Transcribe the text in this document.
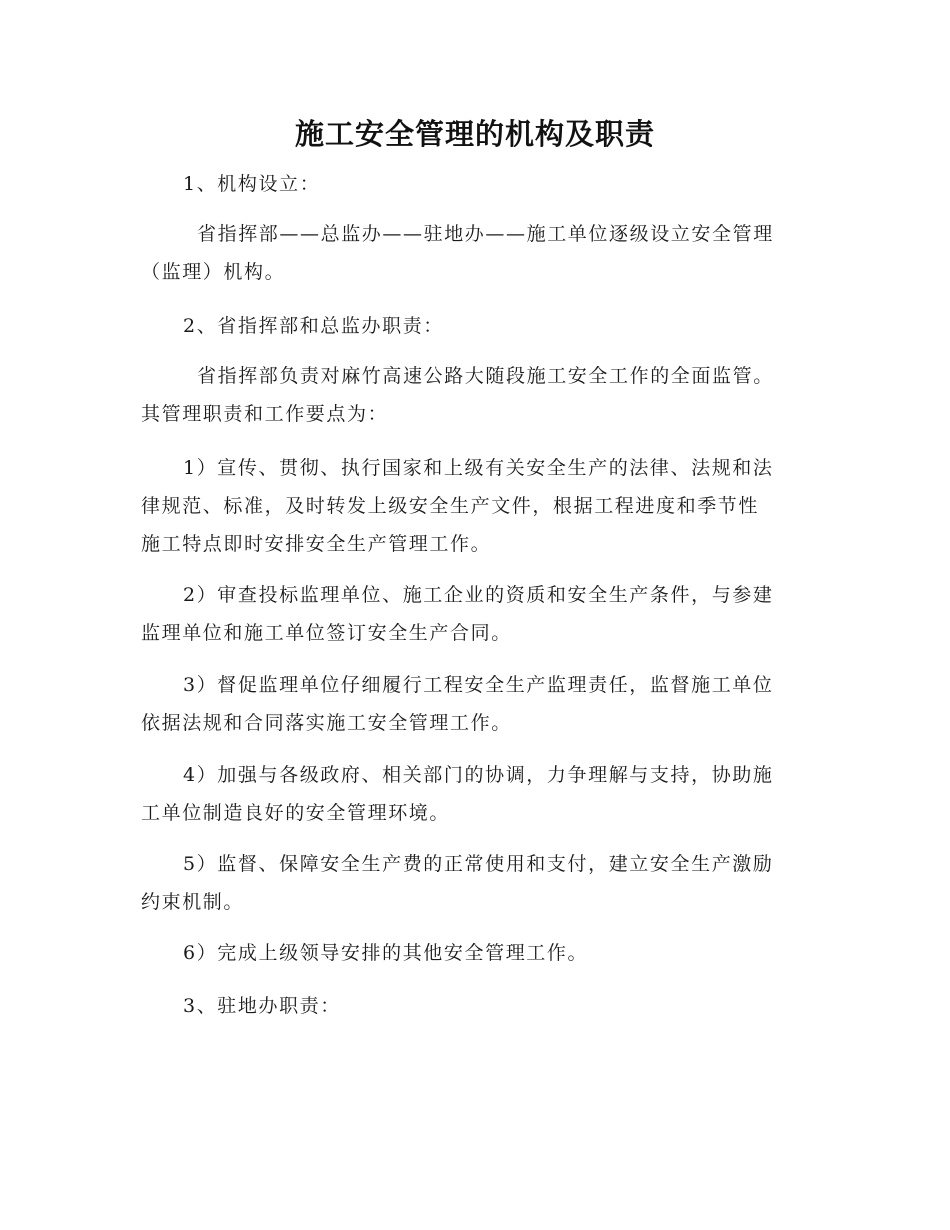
施工安全管理的机构及职责
1、机构设立：
省指挥部——总监办——驻地办——施工单位逐级设立安全管理
（监理）机构。
2、省指挥部和总监办职责：
省指挥部负责对麻竹高速公路大随段施工安全工作的全面监管。
其管理职责和工作要点为：
1）宣传、贯彻、执行国家和上级有关安全生产的法律、法规和法
律规范、标准，及时转发上级安全生产文件，根据工程进度和季节性
施工特点即时安排安全生产管理工作。
2）审查投标监理单位、施工企业的资质和安全生产条件，与参建
监理单位和施工单位签订安全生产合同。
3）督促监理单位仔细履行工程安全生产监理责任，监督施工单位
依据法规和合同落实施工安全管理工作。
4）加强与各级政府、相关部门的协调，力争理解与支持，协助施
工单位制造良好的安全管理环境。
5）监督、保障安全生产费的正常使用和支付，建立安全生产激励
约束机制。
6）完成上级领导安排的其他安全管理工作。
3、驻地办职责：
